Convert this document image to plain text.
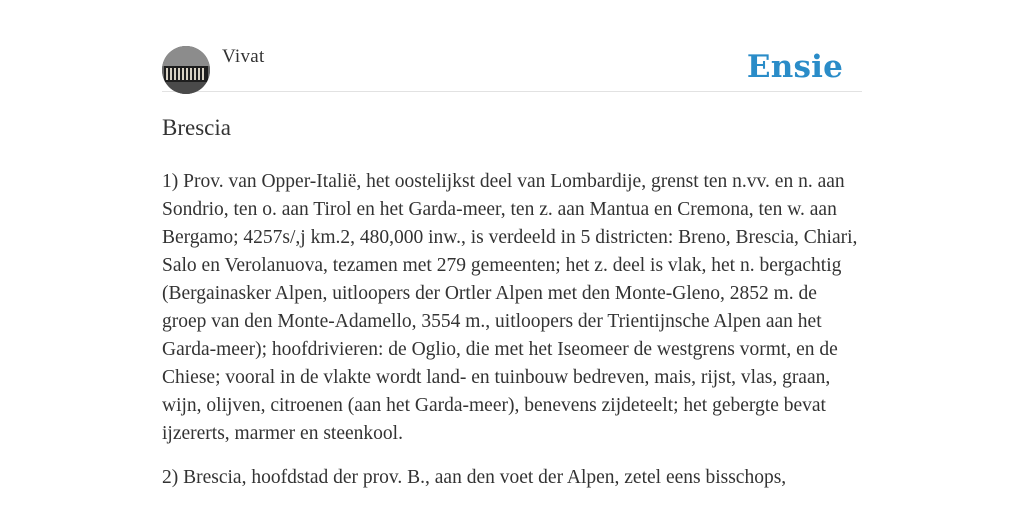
Vivat	Ensie
Brescia

1) Prov. van Opper-Italië, het oostelijkst deel van Lombardije, grenst ten n.vv. en n. aan Sondrio, ten o. aan Tirol en het Garda-meer, ten z. aan Mantua en Cremona, ten w. aan Bergamo; 4257s/,j km.2, 480,000 inw., is verdeeld in 5 districten: Breno, Brescia, Chiari, Salo en Verolanuova, tezamen met 279 gemeenten; het z. deel is vlak, het n. bergachtig (Bergainasker Alpen, uitloopers der Ortler Alpen met den Monte-Gleno, 2852 m. de groep van den Monte-Adamello, 3554 m., uitloopers der Trientijnsche Alpen aan het Garda-meer); hoofdrivieren: de Oglio, die met het Iseomeer de westgrens vormt, en de Chiese; vooral in de vlakte wordt land- en tuinbouw bedreven, mais, rijst, vlas, graan, wijn, olijven, citroenen (aan het Garda-meer), benevens zijdeteelt; het gebergte bevat ijzererts, marmer en steenkool.

2) Brescia, hoofdstad der prov. B., aan den voet der Alpen, zetel eens bisschops,
